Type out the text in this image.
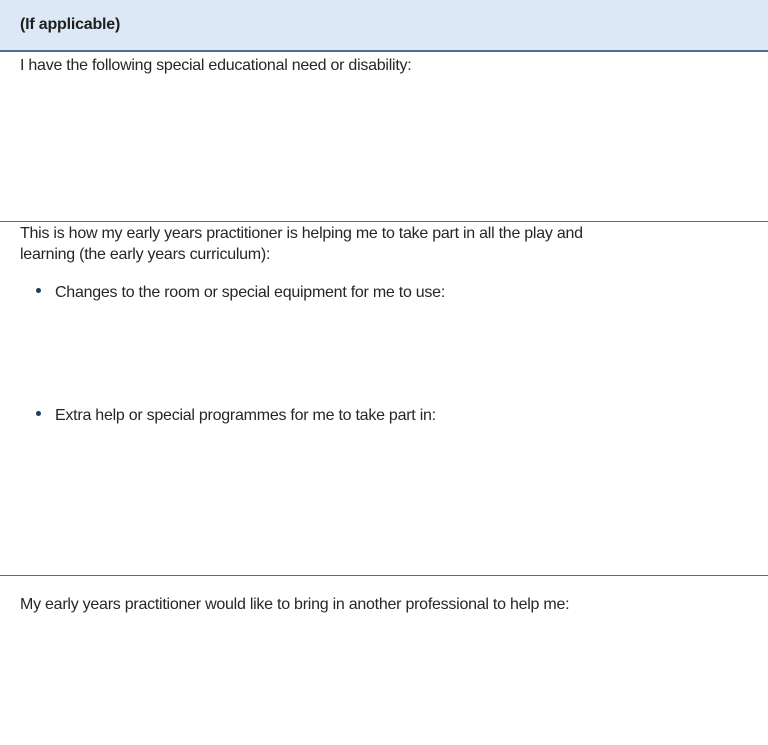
(If applicable)
I have the following special educational need or disability:
This is how my early years practitioner is helping me to take part in all the play and
learning (the early years curriculum):
Changes to the room or special equipment for me to use:
Extra help or special programmes for me to take part in:
My early years practitioner would like to bring in another professional to help me:
